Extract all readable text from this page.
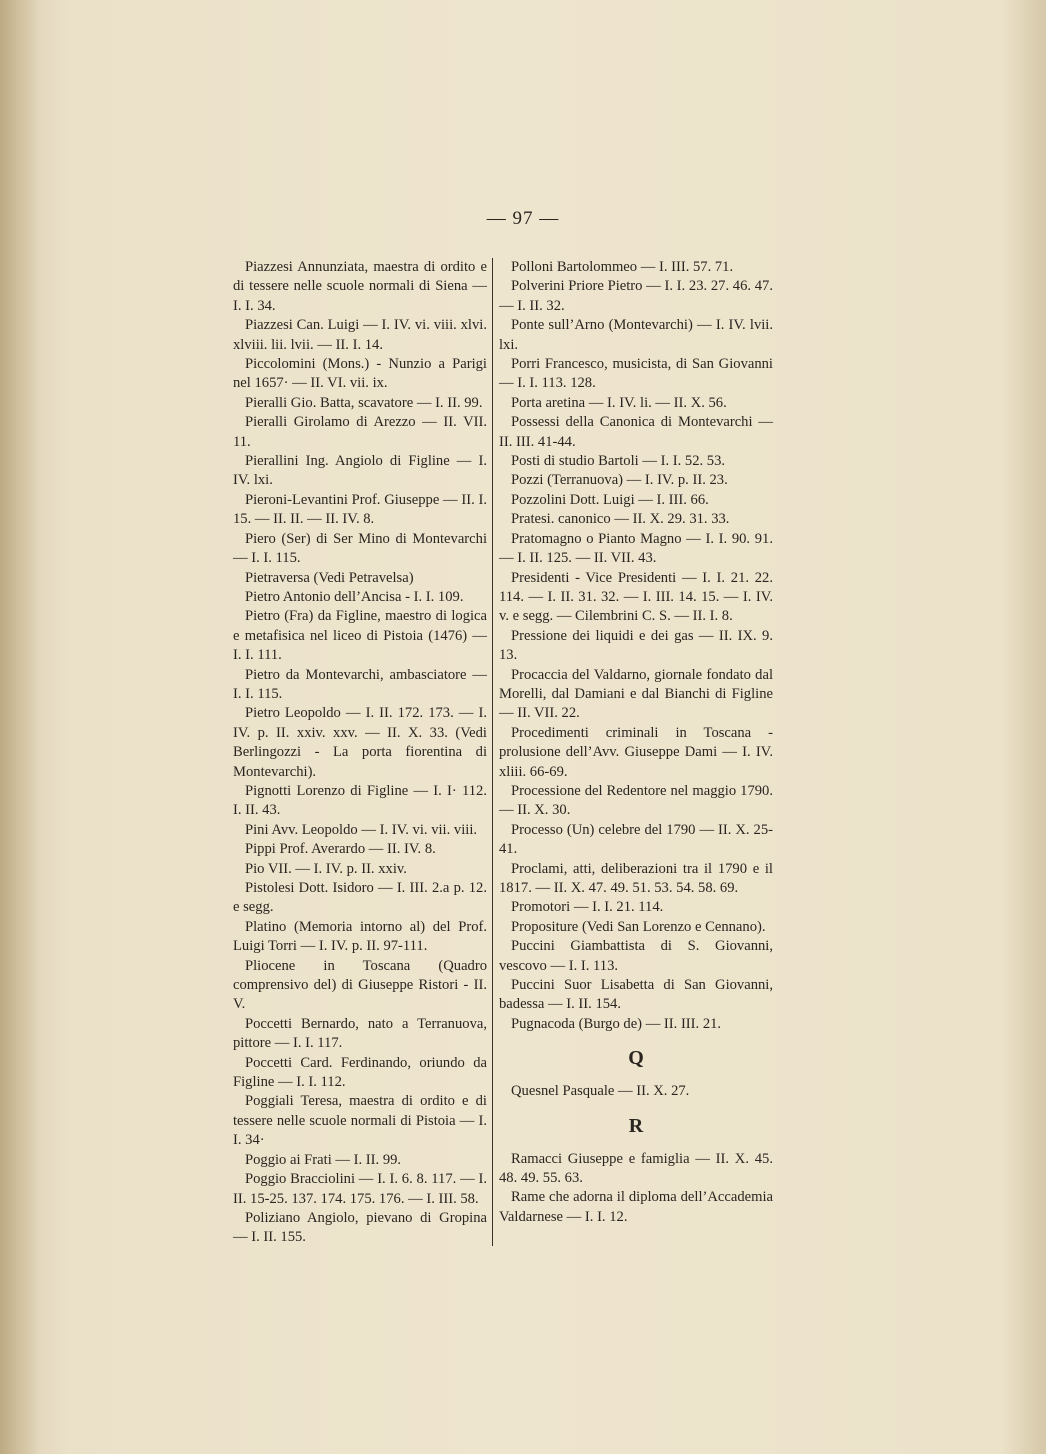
— 97 —

Piazzesi Annunziata, maestra di ordito e di tessere nelle scuole normali di Siena — I. I. 34.

Piazzesi Can. Luigi — I. IV. vi. viii. xlvi. xlviii. lii. lvii. — II. I. 14.

Piccolomini (Mons.) - Nunzio a Parigi nel 1657· — II. VI. vii. ix.

Pieralli Gio. Batta, scavatore — I. II. 99.

Pieralli Girolamo di Arezzo — II. VII. 11.

Pierallini Ing. Angiolo di Figline — I. IV. lxi.

Pieroni-Levantini Prof. Giuseppe — II. I. 15. — II. II. — II. IV. 8.

Piero (Ser) di Ser Mino di Montevarchi — I. I. 115.

Pietraversa (Vedi Petravelsa)

Pietro Antonio dell’Ancisa - I. I. 109.

Pietro (Fra) da Figline, maestro di logica e metafisica nel liceo di Pistoia (1476) — I. I. 111.

Pietro da Montevarchi, ambasciatore — I. I. 115.

Pietro Leopoldo — I. II. 172. 173. — I. IV. p. II. xxiv. xxv. — II. X. 33. (Vedi Berlingozzi - La porta fiorentina di Montevarchi).

Pignotti Lorenzo di Figline — I. I· 112. I. II. 43.

Pini Avv. Leopoldo — I. IV. vi. vii. viii.

Pippi Prof. Averardo — II. IV. 8.

Pio VII. — I. IV. p. II. xxiv.

Pistolesi Dott. Isidoro — I. III. 2.a p. 12. e segg.

Platino (Memoria intorno al) del Prof. Luigi Torri — I. IV. p. II. 97-111.

Pliocene in Toscana (Quadro comprensivo del) di Giuseppe Ristori - II. V.

Poccetti Bernardo, nato a Terranuova, pittore — I. I. 117.

Poccetti Card. Ferdinando, oriundo da Figline — I. I. 112.

Poggiali Teresa, maestra di ordito e di tessere nelle scuole normali di Pistoia — I. I. 34·

Poggio ai Frati — I. II. 99.

Poggio Bracciolini — I. I. 6. 8. 117. — I. II. 15-25. 137. 174. 175. 176. — I. III. 58.

Poliziano Angiolo, pievano di Gropina — I. II. 155.

Polloni Bartolommeo — I. III. 57. 71.

Polverini Priore Pietro — I. I. 23. 27. 46. 47. — I. II. 32.

Ponte sull’Arno (Montevarchi) — I. IV. lvii. lxi.

Porri Francesco, musicista, di San Giovanni — I. I. 113. 128.

Porta aretina — I. IV. li. — II. X. 56.

Possessi della Canonica di Montevarchi — II. III. 41-44.

Posti di studio Bartoli — I. I. 52. 53.

Pozzi (Terranuova) — I. IV. p. II. 23.

Pozzolini Dott. Luigi — I. III. 66.

Pratesi. canonico — II. X. 29. 31. 33.

Pratomagno o Pianto Magno — I. I. 90. 91. — I. II. 125. — II. VII. 43.

Presidenti - Vice Presidenti — I. I. 21. 22. 114. — I. II. 31. 32. — I. III. 14. 15. — I. IV. v. e segg. — Cilembrini C. S. — II. I. 8.

Pressione dei liquidi e dei gas — II. IX. 9. 13.

Procaccia del Valdarno, giornale fondato dal Morelli, dal Damiani e dal Bianchi di Figline — II. VII. 22.

Procedimenti criminali in Toscana - prolusione dell’Avv. Giuseppe Dami — I. IV. xliii. 66-69.

Processione del Redentore nel maggio 1790. — II. X. 30.

Processo (Un) celebre del 1790 — II. X. 25-41.

Proclami, atti, deliberazioni tra il 1790 e il 1817. — II. X. 47. 49. 51. 53. 54. 58. 69.

Promotori — I. I. 21. 114.

Propositure (Vedi San Lorenzo e Cennano).

Puccini Giambattista di S. Giovanni, vescovo — I. I. 113.

Puccini Suor Lisabetta di San Giovanni, badessa — I. II. 154.

Pugnacoda (Burgo de) — II. III. 21.

Q

Quesnel Pasquale — II. X. 27.

R

Ramacci Giuseppe e famiglia — II. X. 45. 48. 49. 55. 63.

Rame che adorna il diploma dell’Accademia Valdarnese — I. I. 12.
